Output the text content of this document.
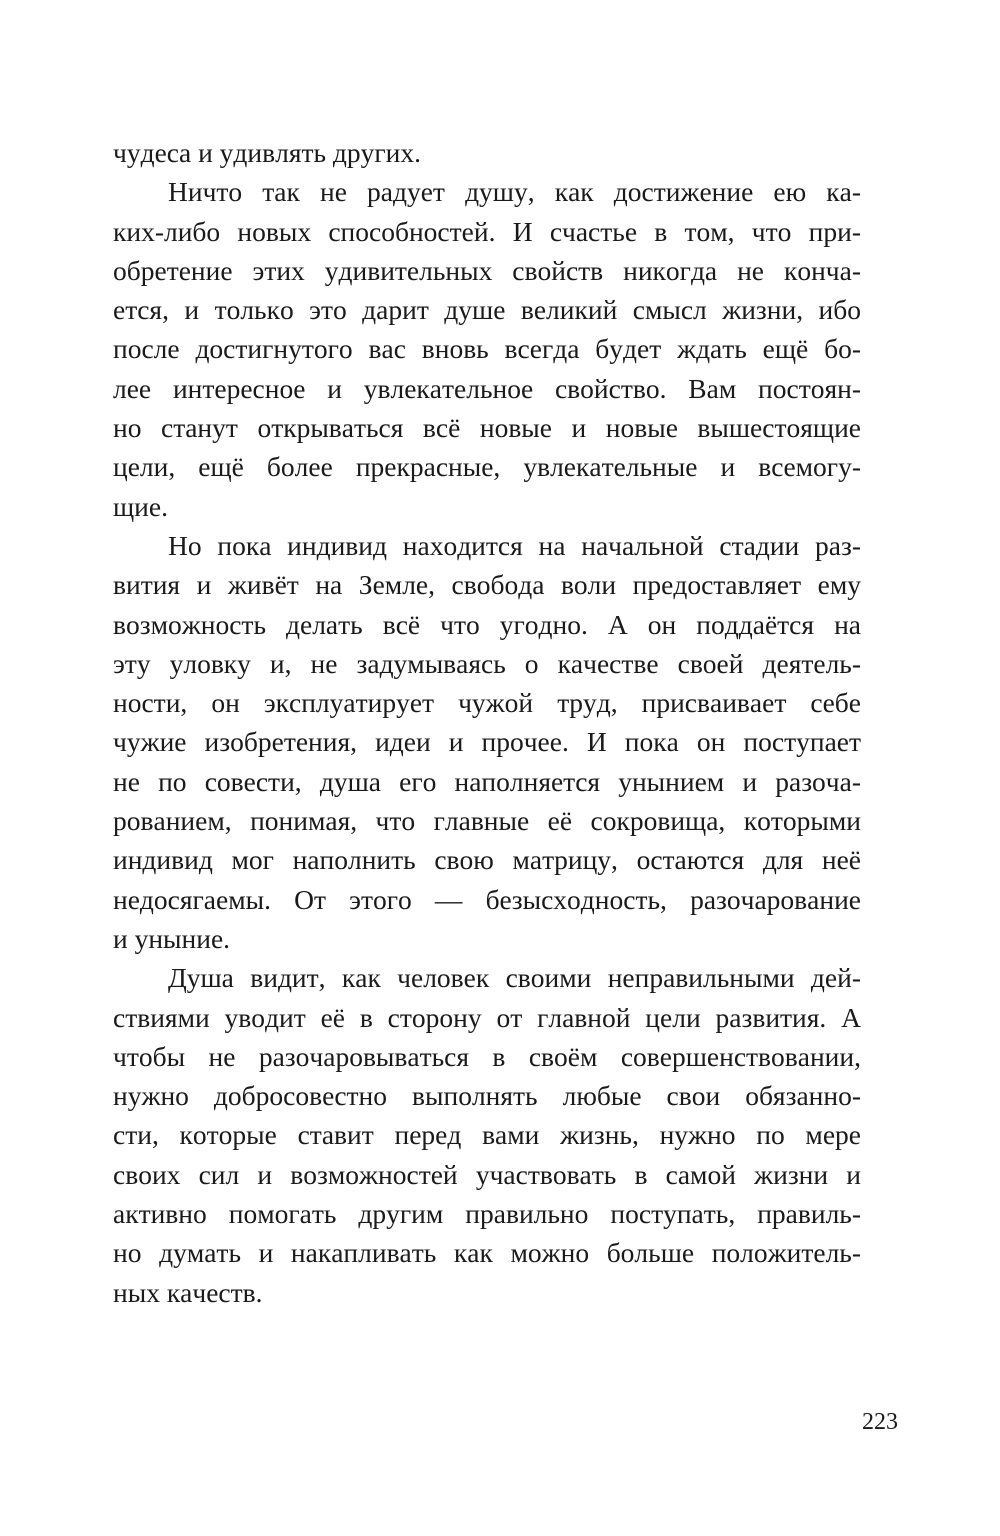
чудеса и удивлять других.
Ничто так не радует душу, как достижение ею ка-
ких-либо новых способностей. И счастье в том, что при-
обретение этих удивительных свойств никогда не конча-
ется, и только это дарит душе великий смысл жизни, ибо
после достигнутого вас вновь всегда будет ждать ещё бо-
лее интересное и увлекательное свойство. Вам постоян-
но станут открываться всё новые и новые вышестоящие
цели, ещё более прекрасные, увлекательные и всемогу-
щие.
Но пока индивид находится на начальной стадии раз-
вития и живёт на Земле, свобода воли предоставляет ему
возможность делать всё что угодно. А он поддаётся на
эту уловку и, не задумываясь о качестве своей деятель-
ности, он эксплуатирует чужой труд, присваивает себе
чужие изобретения, идеи и прочее. И пока он поступает
не по совести, душа его наполняется унынием и разоча-
рованием, понимая, что главные её сокровища, которыми
индивид мог наполнить свою матрицу, остаются для неё
недосягаемы. От этого — безысходность, разочарование
и уныние.
Душа видит, как человек своими неправильными дей-
ствиями уводит её в сторону от главной цели развития. А
чтобы не разочаровываться в своём совершенствовании,
нужно добросовестно выполнять любые свои обязанно-
сти, которые ставит перед вами жизнь, нужно по мере
своих сил и возможностей участвовать в самой жизни и
активно помогать другим правильно поступать, правиль-
но думать и накапливать как можно больше положитель-
ных качеств.
223
